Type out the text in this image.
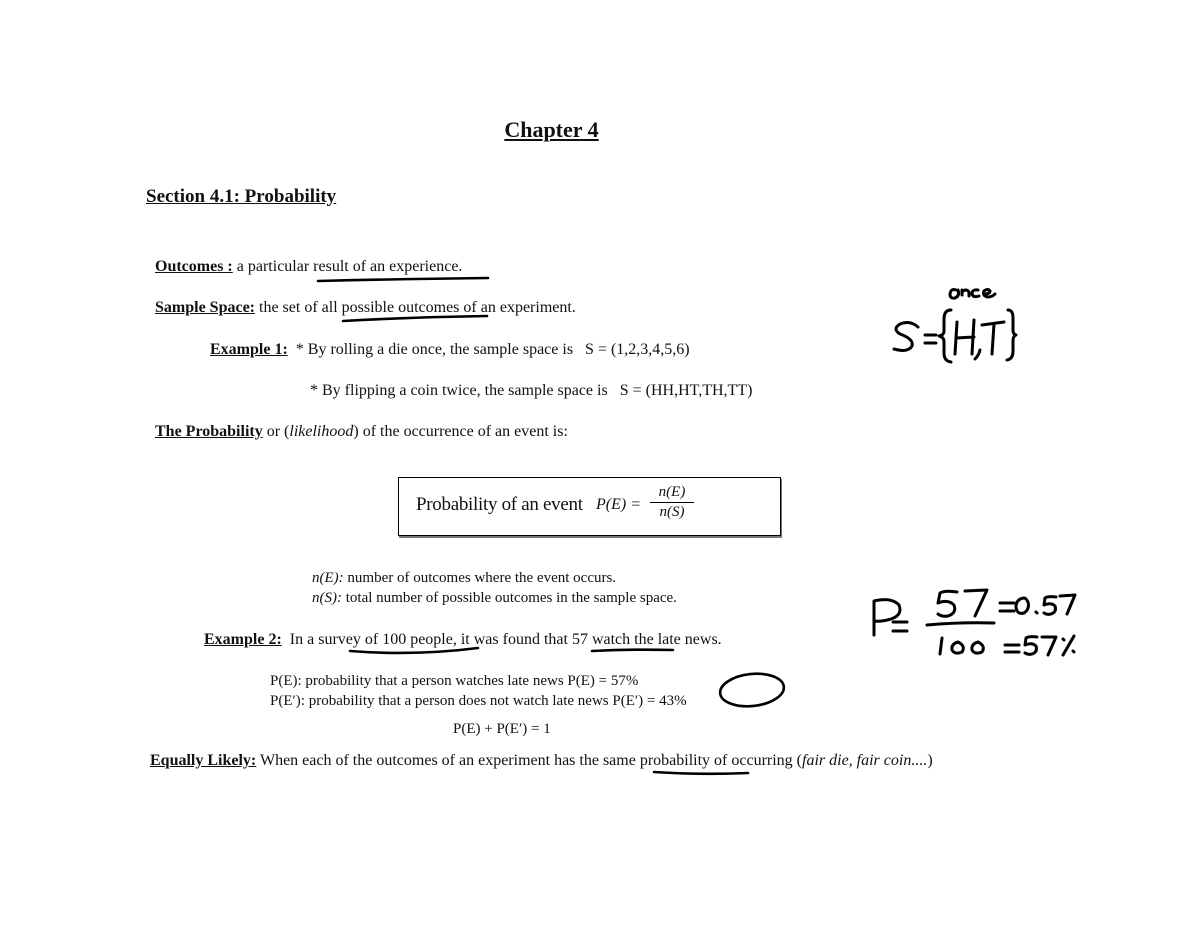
Chapter 4
Section 4.1: Probability
Outcomes : a particular result of an experience.
Sample Space: the set of all possible outcomes of an experiment.
Example 1: * By rolling a die once, the sample space is S = (1,2,3,4,5,6)
* By flipping a coin twice, the sample space is S = (HH,HT,TH,TT)
The Probability or (likelihood) of the occurrence of an event is:
Probability of an event $P(E) = \frac{n(E)}{n(S)}$
n(E): number of outcomes where the event occurs.
n(S): total number of possible outcomes in the sample space.
Example 2: In a survey of 100 people, it was found that 57 watch the late news.
P(E): probability that a person watches late news P(E) = 57%
P(E′): probability that a person does not watch late news P(E′) = 43%
P(E) + P(E′) = 1
Equally Likely: When each of the outcomes of an experiment has the same probability of occurring (fair die, fair coin....)
